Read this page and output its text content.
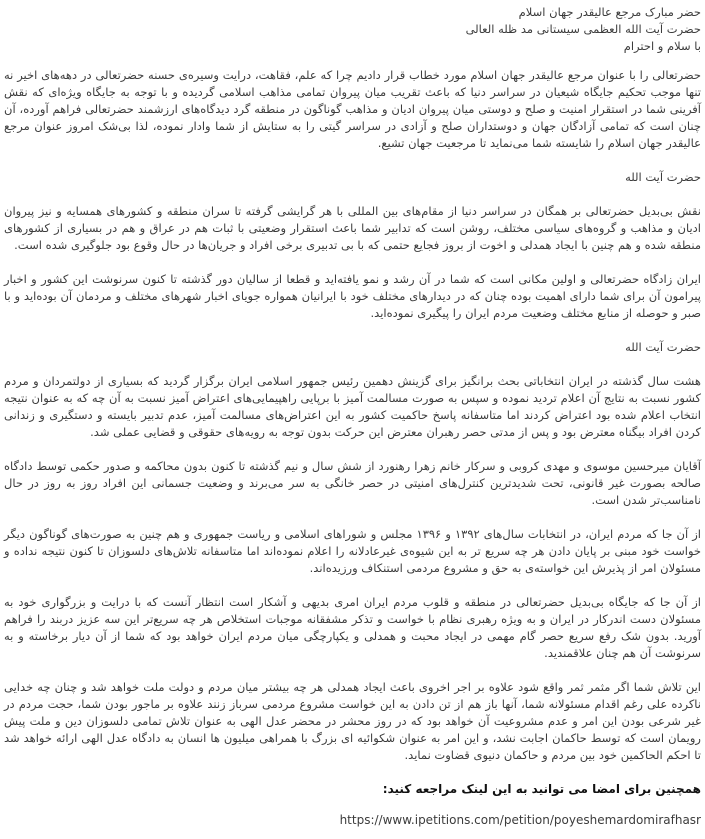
حضر مبارک مرجع عالیقدر جهان اسلام
حضرت آیت الله العظمی سیستانی مد ظله العالی
با سلام و احترام

حضرتعالی را با عنوان مرجع عالیقدر جهان اسلام مورد خطاب قرار دادیم چرا که علم، فقاهت، درایت وسیره‌ی حسنه حضرتعالی در دهه‌های اخیر نه تنها موجب تحکیم جایگاه شیعیان در سراسر دنیا که باعث تقریب میان پیروان تمامی مذاهب اسلامی گردیده و با توجه به جایگاه ویژه‌ای که نقش آفرینی شما در استقرار امنیت و صلح و دوستی میان پیروان ادیان و مذاهب گوناگون در منطقه گرد دیدگاه‌های ارزشمند حضرتعالی فراهم آورده، آن چنان است که تمامی آزادگان جهان و دوستداران صلح و آزادی در سراسر گیتی را به ستایش از شما وادار نموده، لذا بی‌شک امروز عنوان مرجع عالیقدر جهان اسلام را شایسته شما می‌نماید تا مرجعیت جهان تشیع.

حضرت آیت الله

نقش بی‌بدیل حضرتعالی بر همگان در سراسر دنیا از مقام‌های بین المللی با هر گرایشی گرفته تا سران منطقه و کشورهای همسایه و نیز پیروان ادیان و مذاهب و گروه‌های سیاسی مختلف، روشن است که تدابیر شما باعث استقرار وضعیتی با ثبات هم در عراق و هم در بسیاری از کشورهای منطقه شده و هم چنین با ایجاد همدلی و اخوت از بروز فجایع حتمی که با بی تدبیری برخی افراد و جریان‌ها در حال وقوع بود جلوگیری شده است.

ایران زادگاه حضرتعالی و اولین مکانی است که شما در آن رشد و نمو یافته‌اید و قطعا از سالیان دور گذشته تا کنون سرنوشت این کشور و اخبار پیرامون آن برای شما دارای اهمیت بوده چنان که در دیدارهای مختلف خود با ایرانیان همواره جویای اخبار شهرهای مختلف و مردمان آن بوده‌اید و با صبر و حوصله از منابع مختلف وضعیت مردم ایران را پیگیری نموده‌اید.

حضرت آیت الله

هشت سال گذشته در ایران انتخاباتی بحث برانگیز برای گزینش دهمین رئیس جمهور اسلامی ایران برگزار گردید که بسیاری از دولتمردان و مردم کشور نسبت به نتایج آن اعلام تردید نموده و سپس به صورت مسالمت آمیز با برپایی راهپیمایی‌های اعتراض آمیز نسبت به آن چه که به عنوان نتیجه انتخاب اعلام شده بود اعتراض کردند اما متاسفانه پاسخ حاکمیت کشور به این اعتراض‌های مسالمت آمیز، عدم تدبیر بایسته و دستگیری و زندانی کردن افراد بیگناه معترض بود و پس از مدتی حصر رهبران معترض این حرکت بدون توجه به رویه‌های حقوقی و قضایی عملی شد.

آقایان میرحسین موسوی و مهدی کروبی و سرکار خانم زهرا رهنورد از شش سال و نیم گذشته تا کنون بدون محاکمه و صدور حکمی توسط دادگاه صالحه بصورت غیر قانونی، تحت شدیدترین کنترل‌های امنیتی در حصر خانگی به سر می‌برند و وضعیت جسمانی این افراد روز به روز در حال نامناسب‌تر شدن است.

از آن جا که مردم ایران، در انتخابات سال‌های ۱۳۹۲ و ۱۳۹۶ مجلس و شوراهای اسلامی و ریاست جمهوری و هم چنین به صورت‌های گوناگون دیگر خواست خود مبنی بر پایان دادن هر چه سریع تر به این شیوه‌ی غیرعادلانه را اعلام نموده‌اند اما متاسفانه تلاش‌های دلسوزان تا کنون نتیجه نداده و مسئولان امر از پذیرش این خواسته‌ی به حق و مشروع مردمی استنکاف ورزیده‌اند.

از آن جا که جایگاه بی‌بدیل حضرتعالی در منطقه و قلوب مردم ایران امری بدیهی و آشکار است انتظار آنست که با درایت و بزرگواری خود به مسئولان دست اندرکار در ایران و به ویژه رهبری نظام با خواست و تذکر مشفقانه موجبات استخلاص هر چه سریع‌تر این سه عزیز دربند را فراهم آورید. بدون شک رفع سریع حصر گام مهمی در ایجاد محبت و همدلی و یکپارچگی میان مردم ایران خواهد بود که شما از آن دیار برخاسته و به سرنوشت آن هم چنان علاقمندید.

این تلاش شما اگر مثمر ثمر واقع شود علاوه بر اجر اخروی باعث ایجاد همدلی هر چه بیشتر میان مردم و دولت ملت خواهد شد و چنان چه خدایی ناکرده علی رغم اقدام مسئولانه شما، آنها باز هم از تن دادن به این خواست مشروع مردمی سرباز زنند علاوه بر ماجور بودن شما، حجت مردم در غیر شرعی بودن این امر و عدم مشروعیت آن خواهد بود که در روز محشر در محضر عدل الهی به عنوان تلاش تمامی دلسوزان دین و ملت پیش رویمان است که توسط حاکمان اجابت نشد، و این امر به عنوان شکوائیه ای بزرگ با همراهی میلیون ها انسان به دادگاه عدل الهی ارائه خواهد شد تا احکم الحاکمین خود بین مردم و حاکمان دنیوی قضاوت نماید.

همچنین برای امضا می توانید به این لینک مراجعه کنید:
https://www.ipetitions.com/petition/poyeshemardomirafhasr
